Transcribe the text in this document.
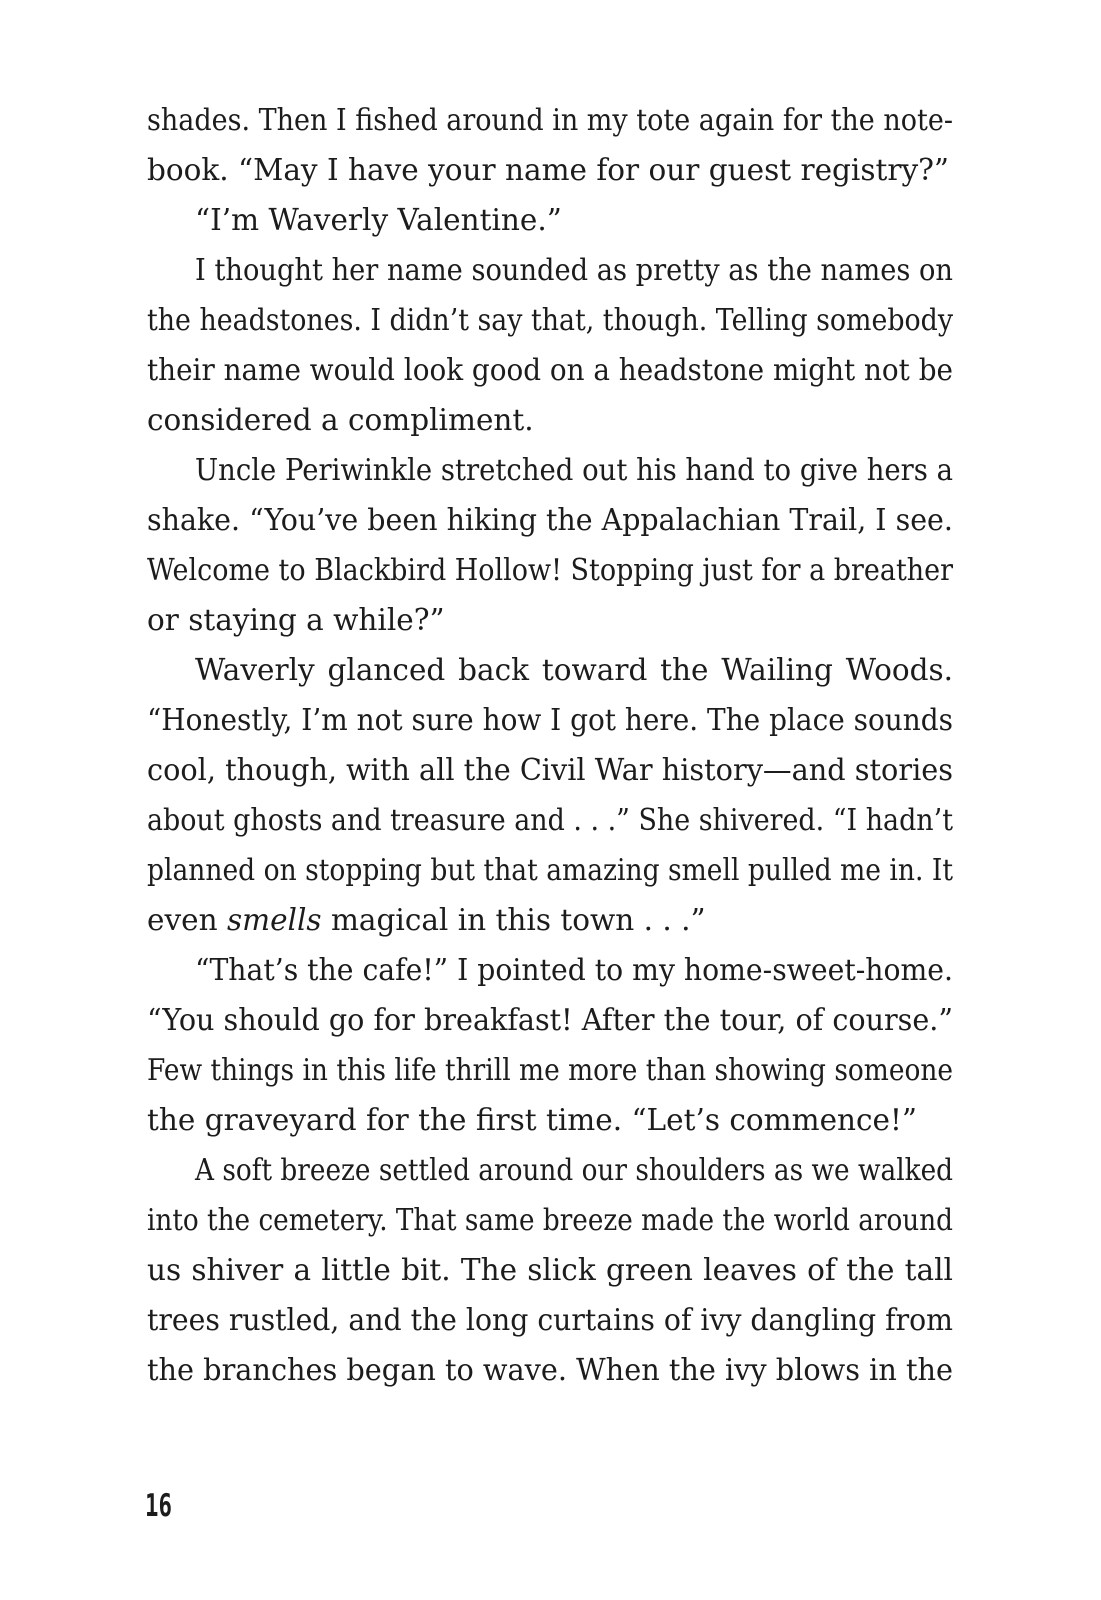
shades. Then I fished around in my tote again for the note-
book. “May I have your name for our guest registry?”
“I’m Waverly Valentine.”
I thought her name sounded as pretty as the names on
the headstones. I didn’t say that, though. Telling somebody
their name would look good on a headstone might not be
considered a compliment.
Uncle Periwinkle stretched out his hand to give hers a
shake. “You’ve been hiking the Appalachian Trail, I see.
Welcome to Blackbird Hollow! Stopping just for a breather
or staying a while?”
Waverly glanced back toward the Wailing Woods.
“Honestly, I’m not sure how I got here. The place sounds
cool, though, with all the Civil War history—and stories
about ghosts and treasure and . . .” She shivered. “I hadn’t
planned on stopping but that amazing smell pulled me in. It
even smells magical in this town . . .”
“That’s the cafe!” I pointed to my home-sweet-home.
“You should go for breakfast! After the tour, of course.”
Few things in this life thrill me more than showing someone
the graveyard for the first time. “Let’s commence!”
A soft breeze settled around our shoulders as we walked
into the cemetery. That same breeze made the world around
us shiver a little bit. The slick green leaves of the tall
trees rustled, and the long curtains of ivy dangling from
the branches began to wave. When the ivy blows in the
16
